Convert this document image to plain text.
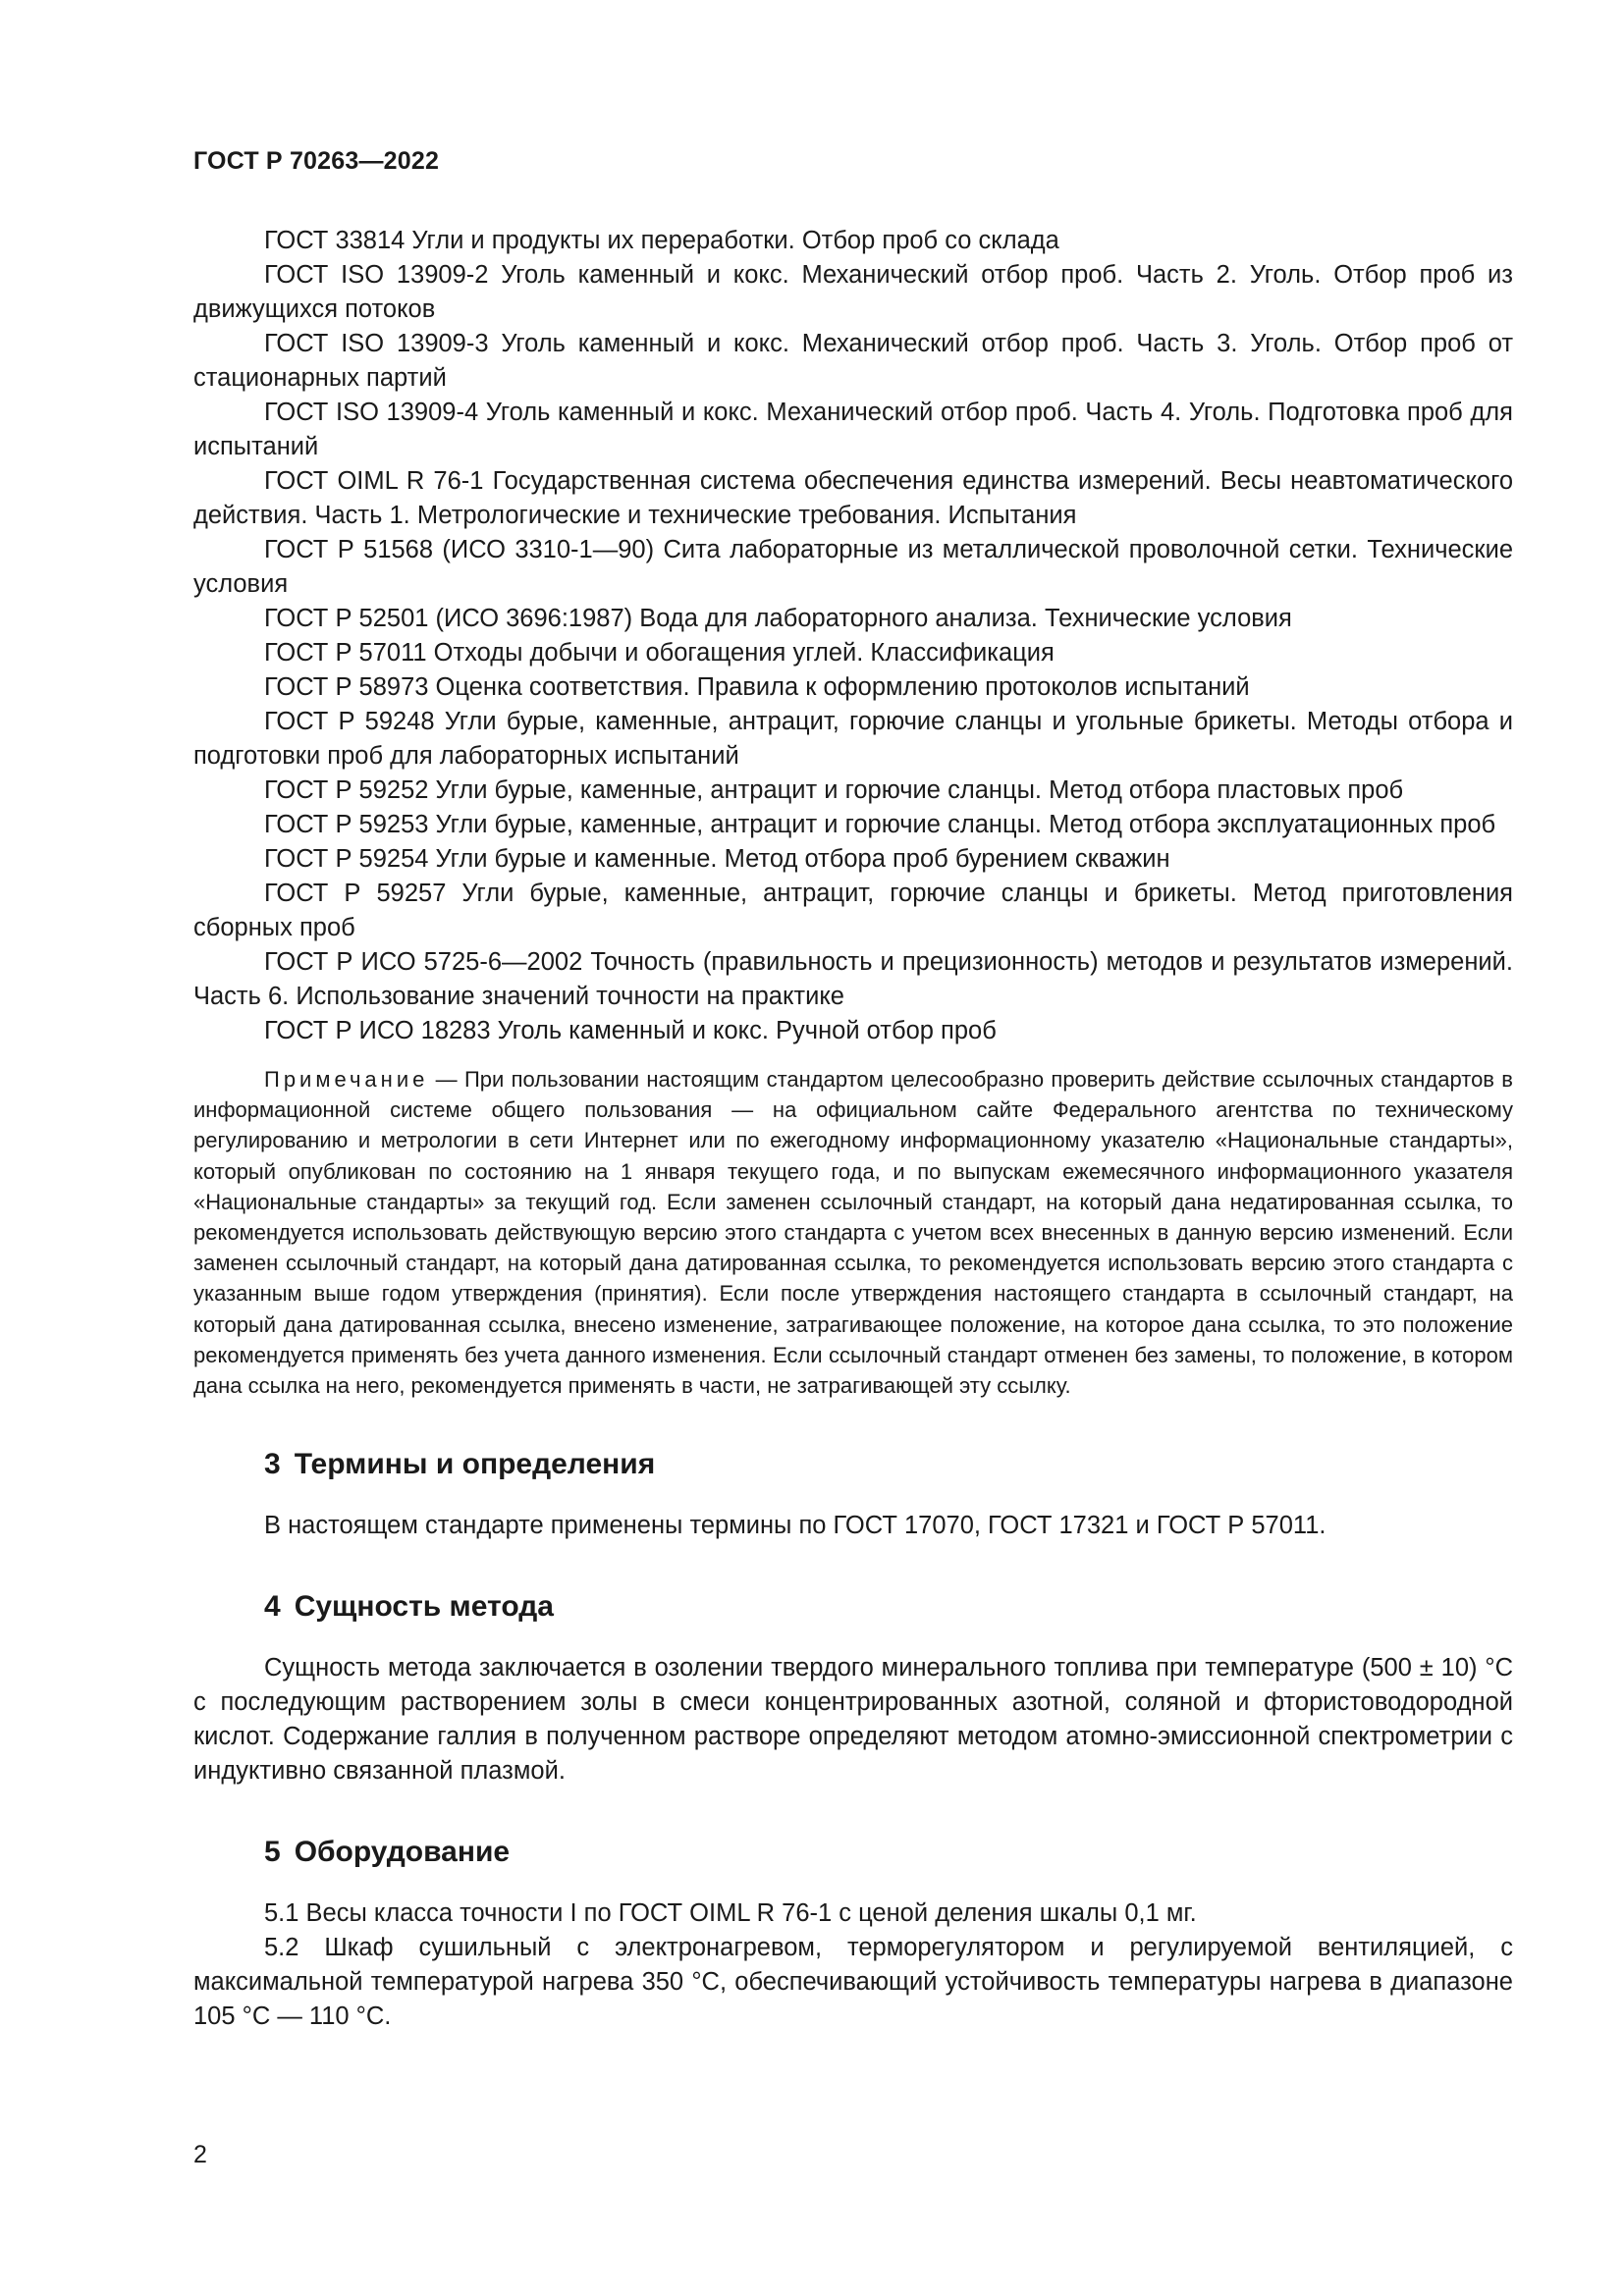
ГОСТ Р 70263—2022

ГОСТ 33814 Угли и продукты их переработки. Отбор проб со склада

ГОСТ ISO 13909-2 Уголь каменный и кокс. Механический отбор проб. Часть 2. Уголь. Отбор проб из движущихся потоков

ГОСТ ISO 13909-3 Уголь каменный и кокс. Механический отбор проб. Часть 3. Уголь. Отбор проб от стационарных партий

ГОСТ ISO 13909-4 Уголь каменный и кокс. Механический отбор проб. Часть 4. Уголь. Подготовка проб для испытаний

ГОСТ OIML R 76-1 Государственная система обеспечения единства измерений. Весы неавтоматического действия. Часть 1. Метрологические и технические требования. Испытания

ГОСТ Р 51568 (ИСО 3310-1—90) Сита лабораторные из металлической проволочной сетки. Технические условия

ГОСТ Р 52501 (ИСО 3696:1987) Вода для лабораторного анализа. Технические условия

ГОСТ Р 57011 Отходы добычи и обогащения углей. Классификация

ГОСТ Р 58973 Оценка соответствия. Правила к оформлению протоколов испытаний

ГОСТ Р 59248 Угли бурые, каменные, антрацит, горючие сланцы и угольные брикеты. Методы отбора и подготовки проб для лабораторных испытаний

ГОСТ Р 59252 Угли бурые, каменные, антрацит и горючие сланцы. Метод отбора пластовых проб

ГОСТ Р 59253 Угли бурые, каменные, антрацит и горючие сланцы. Метод отбора эксплуатационных проб

ГОСТ Р 59254 Угли бурые и каменные. Метод отбора проб бурением скважин

ГОСТ Р 59257 Угли бурые, каменные, антрацит, горючие сланцы и брикеты. Метод приготовления сборных проб

ГОСТ Р ИСО 5725-6—2002 Точность (правильность и прецизионность) методов и результатов измерений. Часть 6. Использование значений точности на практике

ГОСТ Р ИСО 18283 Уголь каменный и кокс. Ручной отбор проб

Примечание — При пользовании настоящим стандартом целесообразно проверить действие ссылочных стандартов в информационной системе общего пользования — на официальном сайте Федерального агентства по техническому регулированию и метрологии в сети Интернет или по ежегодному информационному указателю «Национальные стандарты», который опубликован по состоянию на 1 января текущего года, и по выпускам ежемесячного информационного указателя «Национальные стандарты» за текущий год. Если заменен ссылочный стандарт, на который дана недатированная ссылка, то рекомендуется использовать действующую версию этого стандарта с учетом всех внесенных в данную версию изменений. Если заменен ссылочный стандарт, на который дана датированная ссылка, то рекомендуется использовать версию этого стандарта с указанным выше годом утверждения (принятия). Если после утверждения настоящего стандарта в ссылочный стандарт, на который дана датированная ссылка, внесено изменение, затрагивающее положение, на которое дана ссылка, то это положение рекомендуется применять без учета данного изменения. Если ссылочный стандарт отменен без замены, то положение, в котором дана ссылка на него, рекомендуется применять в части, не затрагивающей эту ссылку.

3 Термины и определения

В настоящем стандарте применены термины по ГОСТ 17070, ГОСТ 17321 и ГОСТ Р 57011.

4 Сущность метода

Сущность метода заключается в озолении твердого минерального топлива при температуре (500 ± 10) °С с последующим растворением золы в смеси концентрированных азотной, соляной и фтористоводородной кислот. Содержание галлия в полученном растворе определяют методом атомно-эмиссионной спектрометрии с индуктивно связанной плазмой.

5 Оборудование

5.1 Весы класса точности I по ГОСТ OIML R 76-1 с ценой деления шкалы 0,1 мг.

5.2 Шкаф сушильный с электронагревом, терморегулятором и регулируемой вентиляцией, с максимальной температурой нагрева 350 °С, обеспечивающий устойчивость температуры нагрева в диапазоне 105 °С — 110 °С.

2
